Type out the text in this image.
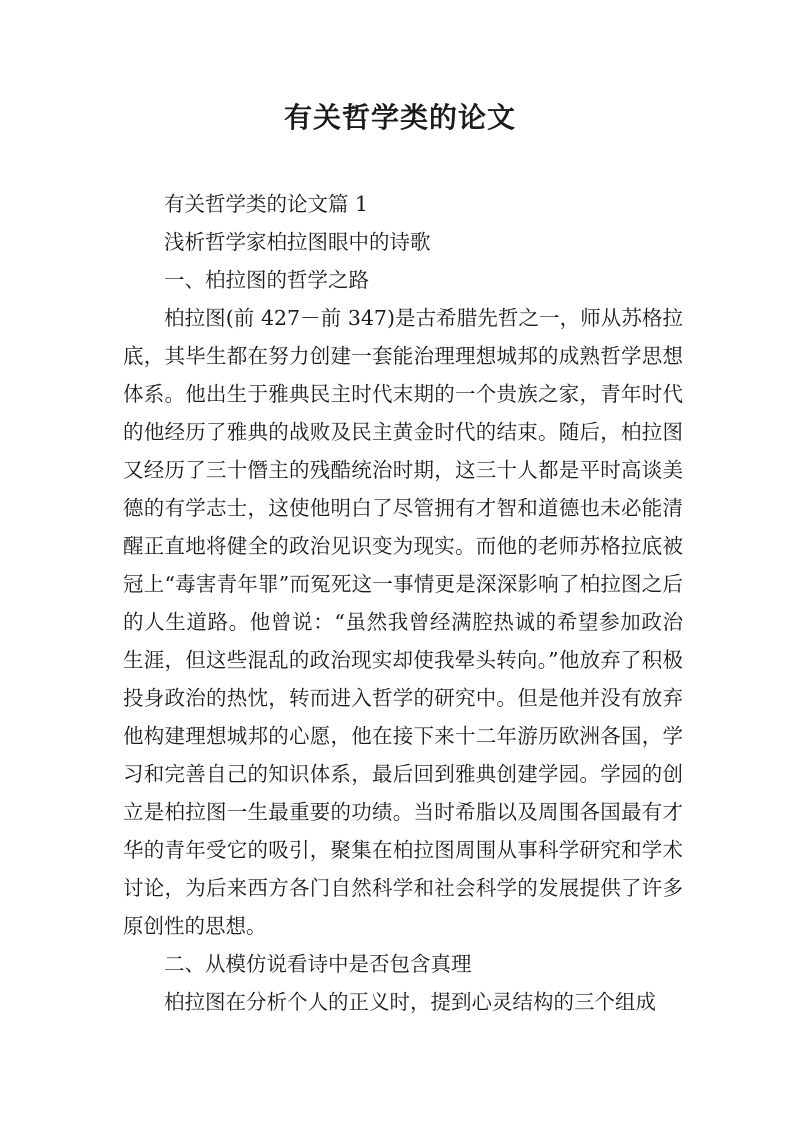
有关哲学类的论文

有关哲学类的论文篇 1

浅析哲学家柏拉图眼中的诗歌

一、柏拉图的哲学之路

柏拉图(前 427－前 347)是古希腊先哲之一，师从苏格拉底，其毕生都在努力创建一套能治理理想城邦的成熟哲学思想体系。他出生于雅典民主时代末期的一个贵族之家，青年时代的他经历了雅典的战败及民主黄金时代的结束。随后，柏拉图又经历了三十僭主的残酷统治时期，这三十人都是平时高谈美德的有学志士，这使他明白了尽管拥有才智和道德也未必能清醒正直地将健全的政治见识变为现实。而他的老师苏格拉底被冠上“毒害青年罪”而冤死这一事情更是深深影响了柏拉图之后的人生道路。他曾说：“虽然我曾经满腔热诚的希望参加政治生涯，但这些混乱的政治现实却使我晕头转向。”他放弃了积极投身政治的热忱，转而进入哲学的研究中。但是他并没有放弃他构建理想城邦的心愿，他在接下来十二年游历欧洲各国，学习和完善自己的知识体系，最后回到雅典创建学园。学园的创立是柏拉图一生最重要的功绩。当时希脂以及周围各国最有才华的青年受它的吸引，聚集在柏拉图周围从事科学研究和学术讨论，为后来西方各门自然科学和社会科学的发展提供了许多原创性的思想。

二、从模仿说看诗中是否包含真理

柏拉图在分析个人的正义时，提到心灵结构的三个组成
